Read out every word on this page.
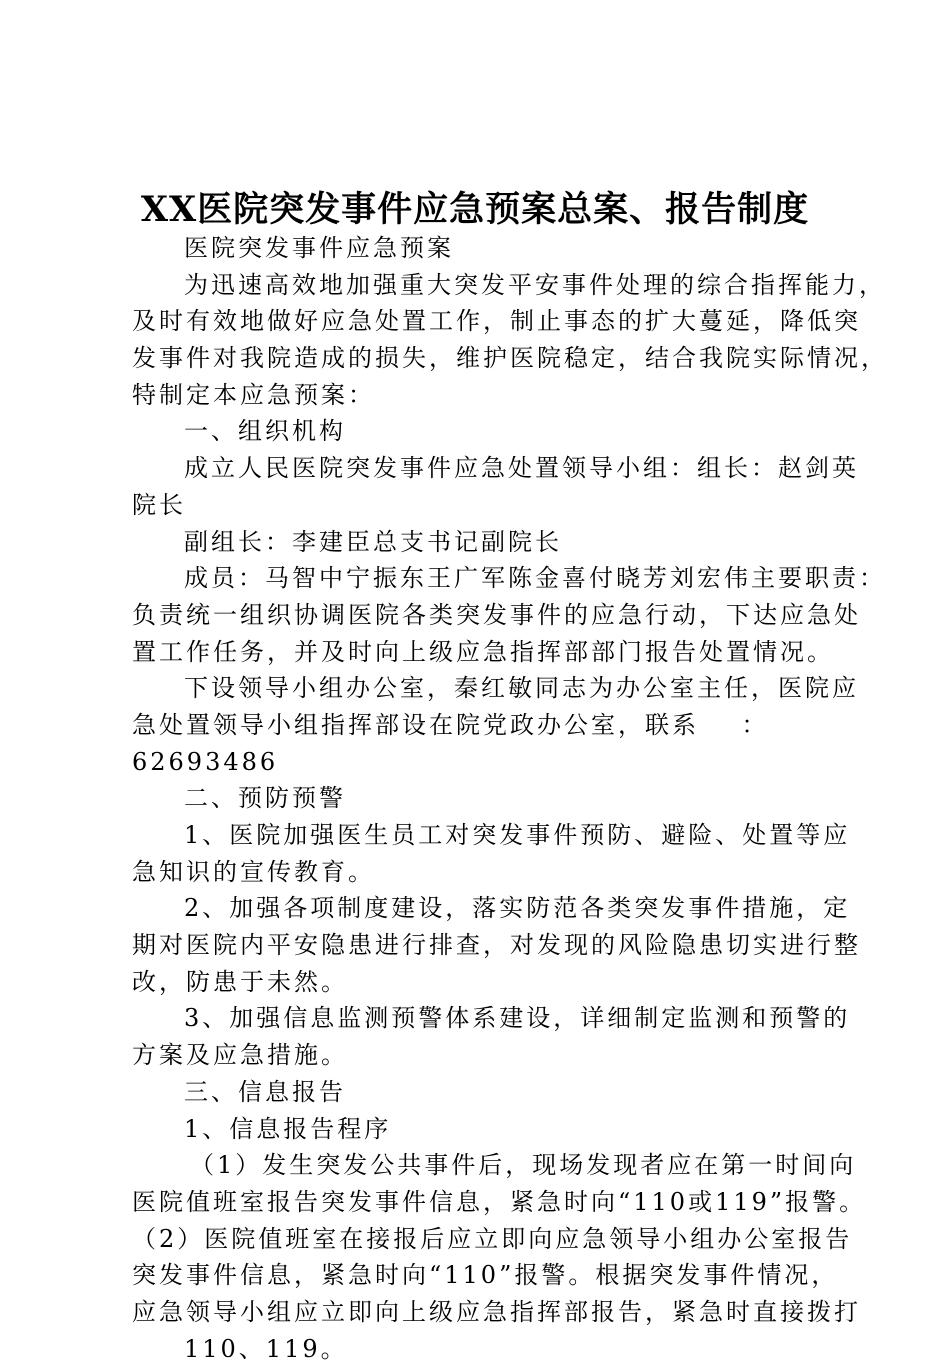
XX医院突发事件应急预案总案、报告制度
医院突发事件应急预案
为迅速高效地加强重大突发平安事件处理的综合指挥能力，
及时有效地做好应急处置工作，制止事态的扩大蔓延，降低突
发事件对我院造成的损失，维护医院稳定，结合我院实际情况，
特制定本应急预案：
一、组织机构
成立人民医院突发事件应急处置领导小组：组长：赵剑英
院长
副组长：李建臣总支书记副院长
成员：马智中宁振东王广军陈金喜付晓芳刘宏伟主要职责：
负责统一组织协调医院各类突发事件的应急行动，下达应急处
置工作任务，并及时向上级应急指挥部部门报告处置情况。
下设领导小组办公室，秦红敏同志为办公室主任，医院应
急处置领导小组指挥部设在院党政办公室，联系    ：
62693486
二、预防预警
1、医院加强医生员工对突发事件预防、避险、处置等应
急知识的宣传教育。
2、加强各项制度建设，落实防范各类突发事件措施，定
期对医院内平安隐患进行排查，对发现的风险隐患切实进行整
改，防患于未然。
3、加强信息监测预警体系建设，详细制定监测和预警的
方案及应急措施。
三、信息报告
1、信息报告程序
（1）发生突发公共事件后，现场发现者应在第一时间向
医院值班室报告突发事件信息，紧急时向“110或119”报警。
（2）医院值班室在接报后应立即向应急领导小组办公室报告
突发事件信息，紧急时向“110”报警。根据突发事件情况，
应急领导小组应立即向上级应急指挥部报告，紧急时直接拨打
110、119。
